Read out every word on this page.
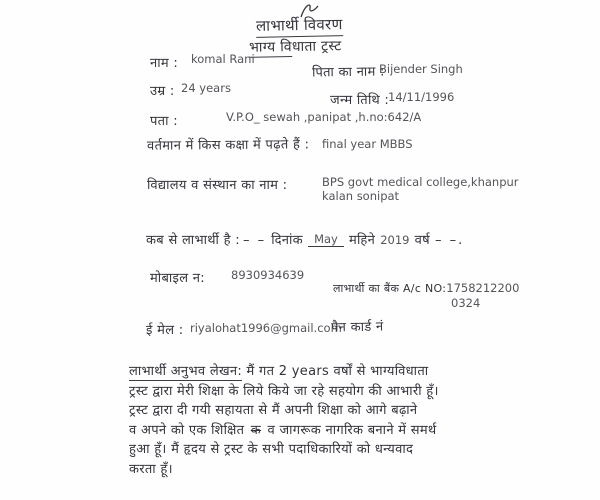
लाभार्थी विवरण
भाग्य विधाता ट्रस्ट
नाम : komal Rani
पिता का नाम :
Bijender Singh
उम्र : 24 years
जन्म तिथि :
14/11/1996
पता :	V.P.O_ sewah ,panipat ,h.no:642/A
वर्तमान में किस कक्षा में पढ़ते हैं : final year MBBS
विद्यालय व संस्थान का नाम :	BPS govt medical college,khanpur kalan sonipat
कब से लाभार्थी है : – – दिनांक May महिने 2019 वर्ष – –.
मोबाइल न: 8930934639
लाभार्थी का बैंक A/c NO:1758212200
0324
ई मेल : riyalohat1996@gmail.com
पैन कार्ड नं
लाभार्थी अनुभव लेखन: मैं गत 2 years वर्षों से भाग्यविधाता
ट्रस्ट द्वारा मेरी शिक्षा के लिये किये जा रहे सहयोग की आभारी हूँ।
ट्रस्ट द्वारा दी गयी सहायता से मैं अपनी शिक्षा को आगे बढ़ाने
व अपने को एक शिक्षित क व जागरूक नागरिक बनाने में समर्थ
हुआ हूँ। मैं हृदय से ट्रस्ट के सभी पदाधिकारियों को धन्यवाद
करता हूँ।
